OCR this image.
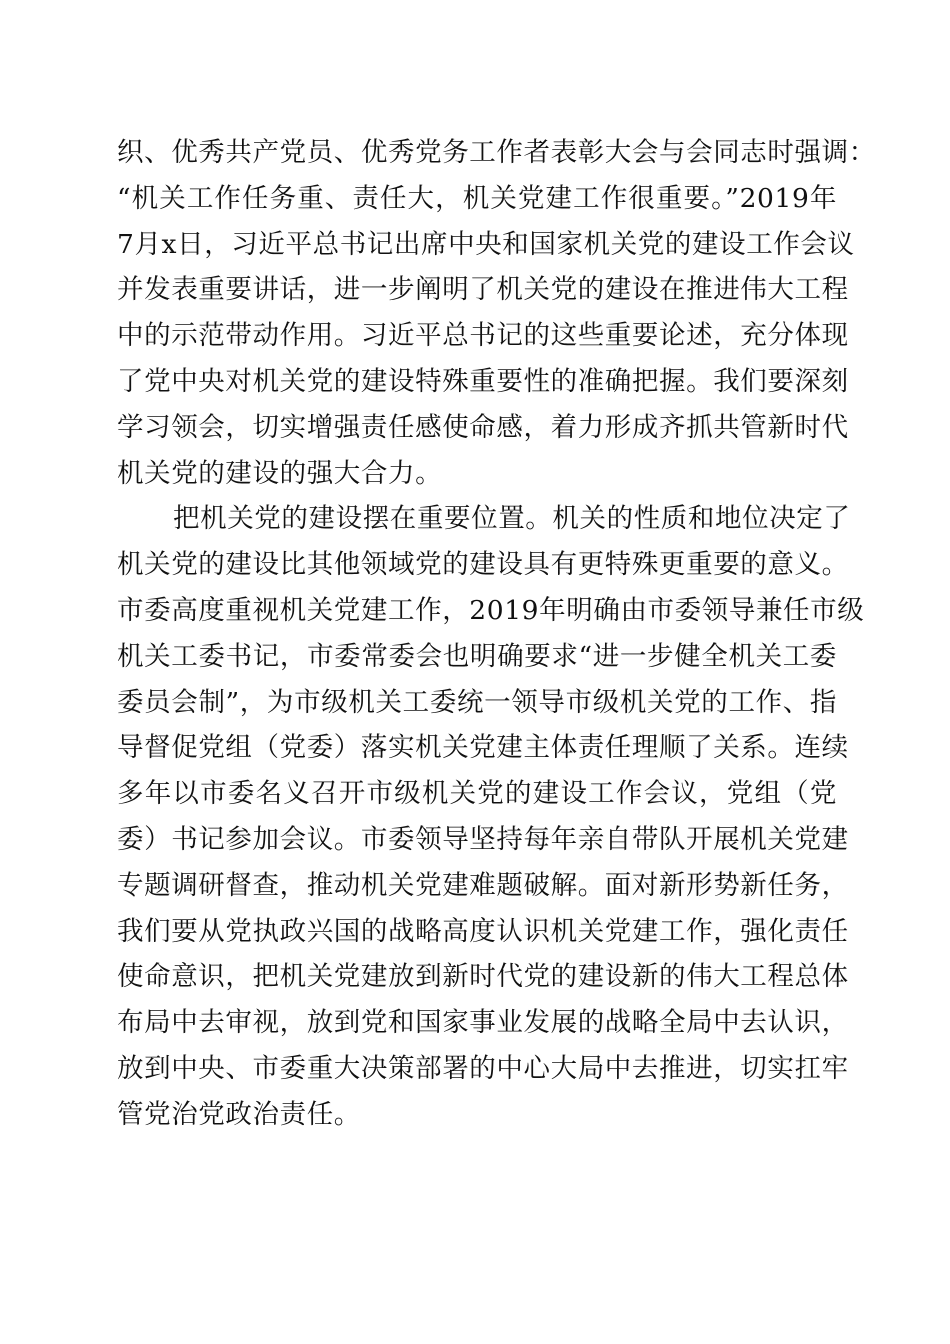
织、优秀共产党员、优秀党务工作者表彰大会与会同志时强调：
“机关工作任务重、责任大，机关党建工作很重要。”2019年
7月x日，习近平总书记出席中央和国家机关党的建设工作会议
并发表重要讲话，进一步阐明了机关党的建设在推进伟大工程
中的示范带动作用。习近平总书记的这些重要论述，充分体现
了党中央对机关党的建设特殊重要性的准确把握。我们要深刻
学习领会，切实增强责任感使命感，着力形成齐抓共管新时代
机关党的建设的强大合力。
把机关党的建设摆在重要位置。机关的性质和地位决定了
机关党的建设比其他领域党的建设具有更特殊更重要的意义。
市委高度重视机关党建工作，2019年明确由市委领导兼任市级
机关工委书记，市委常委会也明确要求“进一步健全机关工委
委员会制”，为市级机关工委统一领导市级机关党的工作、指
导督促党组（党委）落实机关党建主体责任理顺了关系。连续
多年以市委名义召开市级机关党的建设工作会议，党组（党
委）书记参加会议。市委领导坚持每年亲自带队开展机关党建
专题调研督查，推动机关党建难题破解。面对新形势新任务，
我们要从党执政兴国的战略高度认识机关党建工作，强化责任
使命意识，把机关党建放到新时代党的建设新的伟大工程总体
布局中去审视，放到党和国家事业发展的战略全局中去认识，
放到中央、市委重大决策部署的中心大局中去推进，切实扛牢
管党治党政治责任。
